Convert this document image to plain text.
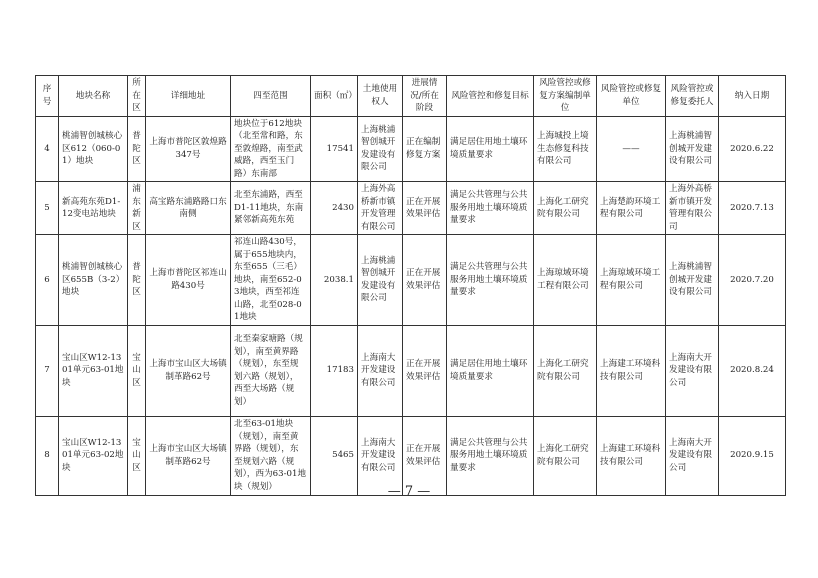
序号	地块名称	所在区	详细地址	四至范围	面积（㎡）	土地使用权人	进展情况/所在阶段	风险管控和修复目标	风险管控或修复方案编制单位	风险管控或修复单位	风险管控或修复委托人	纳入日期
4	桃浦智创城核心区612（060-01）地块	普陀区	上海市普陀区敦煌路347号	地块位于612地块（北至常和路，东至敦煌路，南至武威路，西至玉门路）东南部	17541	上海桃浦智创城开发建设有限公司	正在编制修复方案	满足居住用地土壤环境质量要求	上海城投上境生态修复科技有限公司	——	上海桃浦智创城开发建设有限公司	2020.6.22
5	新高苑东苑D1-12变电站地块	浦东新区	高宝路东浦路路口东南侧	北至东浦路，西至D1-11地块，东南紧邻新高苑东苑	2430	上海外高桥新市镇开发管理有限公司	正在开展效果评估	满足公共管理与公共服务用地土壤环境质量要求	上海化工研究院有限公司	上海楚韵环境工程有限公司	上海外高桥新市镇开发管理有限公司	2020.7.13
6	桃浦智创城核心区655B（3-2）地块	普陀区	上海市普陀区祁连山路430号	祁连山路430号，属于655地块内，东至655（三毛）地块，南至652-03地块，西至祁连山路，北至028-01地块	2038.1	上海桃浦智创城开发建设有限公司	正在开展效果评估	满足公共管理与公共服务用地土壤环境质量要求	上海琼域环境工程有限公司	上海琼域环境工程有限公司	上海桃浦智创城开发建设有限公司	2020.7.20
7	宝山区W12-1301单元63-01地块	宝山区	上海市宝山区大场镇制革路62号	北至秦家塘路（规划），南至黄界路（规划），东至规划六路（规划），西至大场路（规划）	17183	上海南大开发建设有限公司	正在开展效果评估	满足居住用地土壤环境质量要求	上海化工研究院有限公司	上海建工环境科技有限公司	上海南大开发建设有限公司	2020.8.24
8	宝山区W12-1301单元63-02地块	宝山区	上海市宝山区大场镇制革路62号	北至63-01地块（规划），南至黄界路（规划），东至规划六路（规划），西为63-01地块（规划）	5465	上海南大开发建设有限公司	正在开展效果评估	满足公共管理与公共服务用地土壤环境质量要求	上海化工研究院有限公司	上海建工环境科技有限公司	上海南大开发建设有限公司	2020.9.15
— 7 —
